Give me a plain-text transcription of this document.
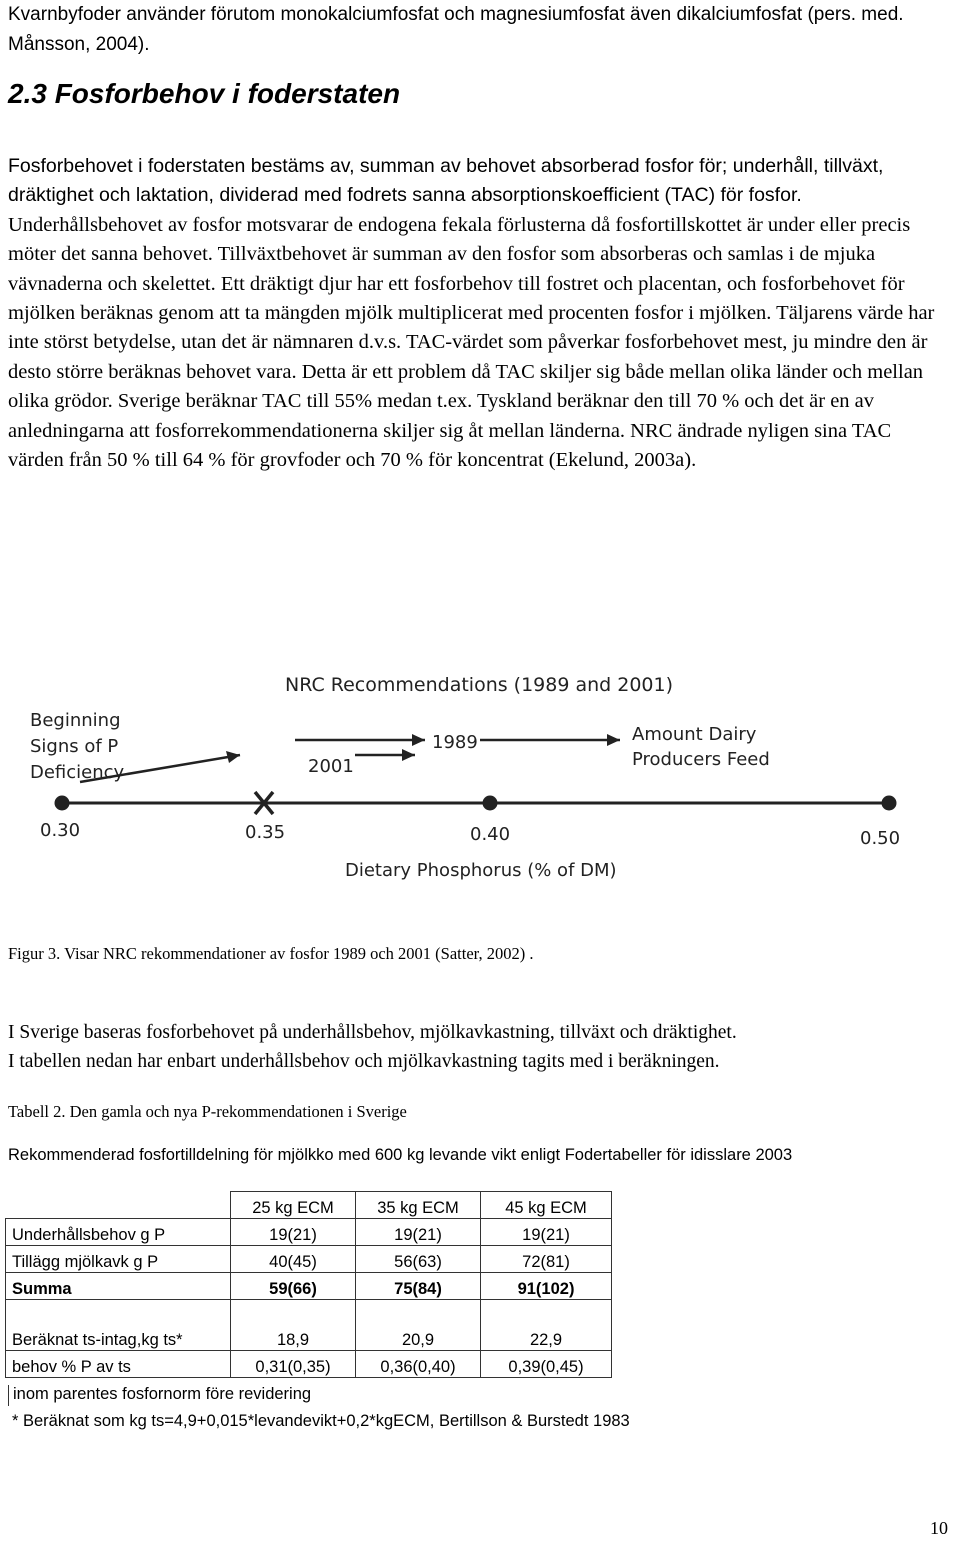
Kvarnbyfoder använder förutom monokalciumfosfat och magnesiumfosfat även dikalciumfosfat (pers. med. Månsson, 2004).
2.3 Fosforbehov i foderstaten
Fosforbehovet i foderstaten bestäms av, summan av behovet absorberad fosfor för; underhåll, tillväxt, dräktighet och laktation, dividerad med fodrets sanna absorptionskoefficient (TAC) för fosfor. Underhållsbehovet av fosfor motsvarar de endogena fekala förlusterna då fosfortillskottet är under eller precis möter det sanna behovet. Tillväxtbehovet är summan av den fosfor som absorberas och samlas i de mjuka vävnaderna och skelettet. Ett dräktigt djur har ett fosforbehov till fostret och placentan, och fosforbehovet för mjölken beräknas genom att ta mängden mjölk multiplicerat med procenten fosfor i mjölken. Täljarens värde har inte störst betydelse, utan det är nämnaren d.v.s. TAC-värdet som påverkar fosforbehovet mest, ju mindre den är desto större beräknas behovet vara. Detta är ett problem då TAC skiljer sig både mellan olika länder och mellan olika grödor. Sverige beräknar TAC till 55% medan t.ex. Tyskland beräknar den till 70 % och det är en av anledningarna att fosforrekommendationerna skiljer sig åt mellan länderna. NRC ändrade nyligen sina TAC värden från 50 % till 64 % för grovfoder och 70 % för koncentrat (Ekelund, 2003a).
NRC Recommendations (1989 and 2001)
Beginning
Signs of P
Deficiency
Amount Dairy
Producers Feed
2001
1989
0.30	0.35	0.40	0.50
Dietary Phosphorus (% of DM)
Figur 3. Visar NRC rekommendationer av fosfor 1989 och 2001 (Satter, 2002) .
I Sverige baseras fosforbehovet på underhållsbehov, mjölkavkastning, tillväxt och dräktighet.
I tabellen nedan har enbart underhållsbehov och mjölkavkastning tagits med i beräkningen.
Tabell 2. Den gamla och nya P-rekommendationen i Sverige
Rekommenderad fosfortilldelning för mjölkko med 600 kg levande vikt enligt Fodertabeller för idisslare 2003
	25 kg ECM	35 kg ECM	45 kg ECM
Underhållsbehov g P	19(21)	19(21)	19(21)
Tillägg mjölkavk g P	40(45)	56(63)	72(81)
Summa	59(66)	75(84)	91(102)
Beräknat ts-intag,kg ts*	18,9	20,9	22,9
behov % P av ts	0,31(0,35)	0,36(0,40)	0,39(0,45)
inom parentes fosfornorm före revidering
* Beräknat som kg ts=4,9+0,015*levandevikt+0,2*kgECM, Bertillson & Burstedt 1983
10
